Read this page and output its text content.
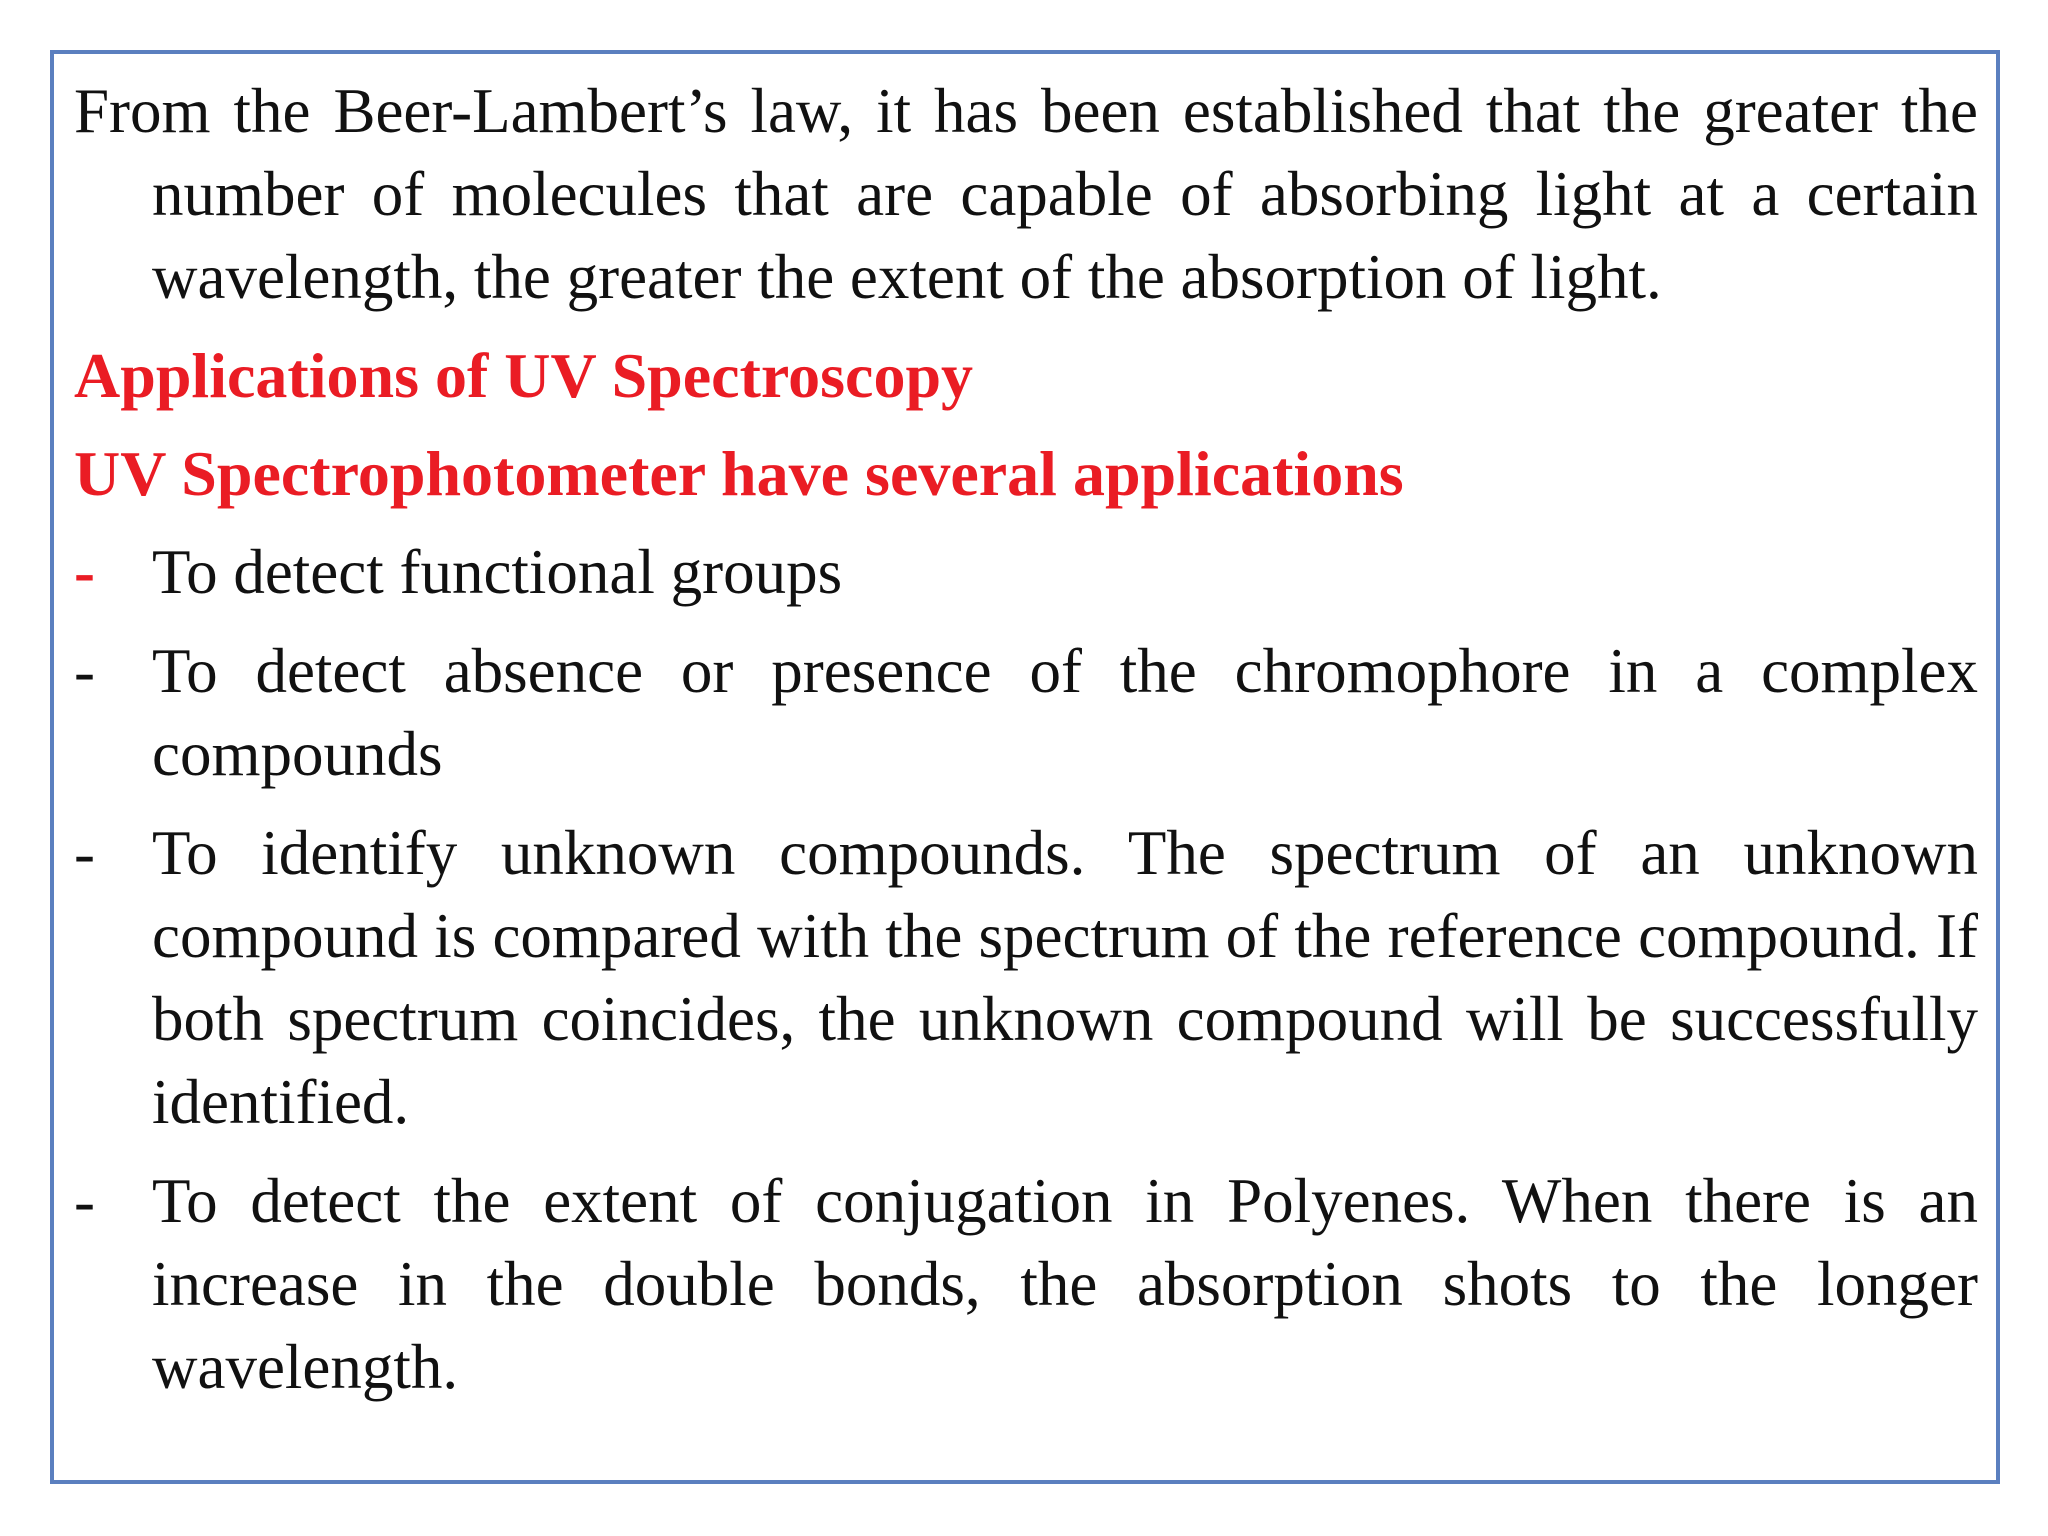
From the Beer-Lambert’s law, it has been established that the greater the number of molecules that are capable of absorbing light at a certain wavelength, the greater the extent of the absorption of light.

Applications of UV Spectroscopy
UV Spectrophotometer have several applications
- To detect functional groups
- To detect absence or presence of the chromophore in a complex compounds
- To identify unknown compounds. The spectrum of an unknown compound is compared with the spectrum of the reference compound. If both spectrum coincides, the unknown compound will be successfully identified.
- To detect the extent of conjugation in Polyenes. When there is an increase in the double bonds, the absorption shots to the longer wavelength.
